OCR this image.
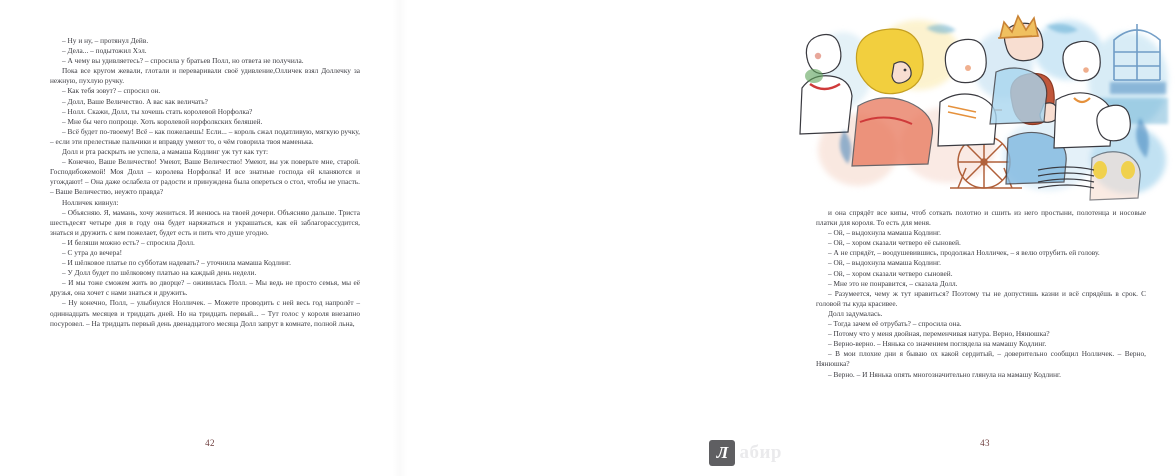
– Ну и ну, – протянул Дейв.

– Дела... – подытожил Хэл.

– А чему вы удивляетесь? – спросила у братьев Полл, но ответа не получила.

Пока все кругом жевали, глотали и переваривали своё удивление,Олличек взял Доллечку за нежную, пухлую ручку.

– Как тебя зовут? – спросил он.

– Долл, Ваше Величество. А вас как величать?

– Нолл. Скажи, Долл, ты хочешь стать королевой Норфолка?

– Мне бы чего попроще. Хоть королевой норфолкских беляшей.

– Всё будет по-твоему! Всё – как пожелаешь! Если... – король сжал податливую, мягкую ручку, – если эти прелестные пальчики и вправду умеют то, о чём говорила твоя маменька.

Долл и рта раскрыть не успела, а мамаша Кодлинг уж тут как тут:

– Конечно, Ваше Величество! Умеют, Ваше Величество! Умеют, вы уж поверьте мне, старой. Господибожемой! Моя Долл – королева Норфолка! И все знатные господа ей кланяются и угождают! – Она даже ослабела от радости и принуждена была опереться о стол, чтобы не упасть. – Ваше Величество, неужто правда?

Нолличек кивнул:

– Объясняю. Я, мамань, хочу жениться. И женюсь на твоей дочери. Объясняю дальше. Триста шестьдесят четыре дня в году она будет наряжаться и украшаться, как ей заблагорассудится, знаться и дружить с кем пожелает, будет есть и пить что душе угодно.

– И беляши можно есть? – спросила Долл.

– С утра до вечера!

– И шёлковое платье по субботам надевать? – уточнила мамаша Кодлинг.

– У Долл будет по шёлковому платью на каждый день недели.

– И мы тоже сможем жить во дворце? – оживилась Полл. – Мы ведь не просто семья, мы её друзья, она хочет с нами знаться и дружить.

– Ну конечно, Полл, – улыбнулся Нолличек. – Можете проводить с ней весь год напролёт – одиннадцать месяцев и тридцать дней. Но на тридцать первый... – Тут голос у короля внезапно посуровел. – На тридцать первый день двенадцатого месяца Долл запрут в комнате, полной льна,

42

и она спрядёт все кипы, чтоб соткать полотно и сшить из него простыни, полотенца и носовые платки для короля. То есть для меня.

– Ой, – выдохнула мамаша Кодлинг.

– Ой, – хором сказали четверо её сыновей.

– А не спрядёт, – воодушевившись, продолжал Нолличек, – я велю отрубить ей голову.

– Ой, – выдохнула мамаша Кодлинг.

– Ой, – хором сказали четверо сыновей.

– Мне это не понравится, – сказала Долл.

– Разумеется, чему ж тут нравиться? Поэтому ты не допустишь казни и всё спрядёшь в срок. С головой ты куда красивее.

Долл задумалась.

– Тогда зачем её отрубать? – спросила она.

– Потому что у меня двойная, переменчивая натура. Верно, Нянюшка?

– Верно-верно. – Нянька со значением поглядела на мамашу Кодлинг.

– В мои плохие дни я бываю ох какой сердитый, – доверительно сообщил Нолличек. – Верно, Нянюшка?

– Верно. – И Нянька опять многозначительно глянула на мамашу Кодлинг.

43
Л абир
